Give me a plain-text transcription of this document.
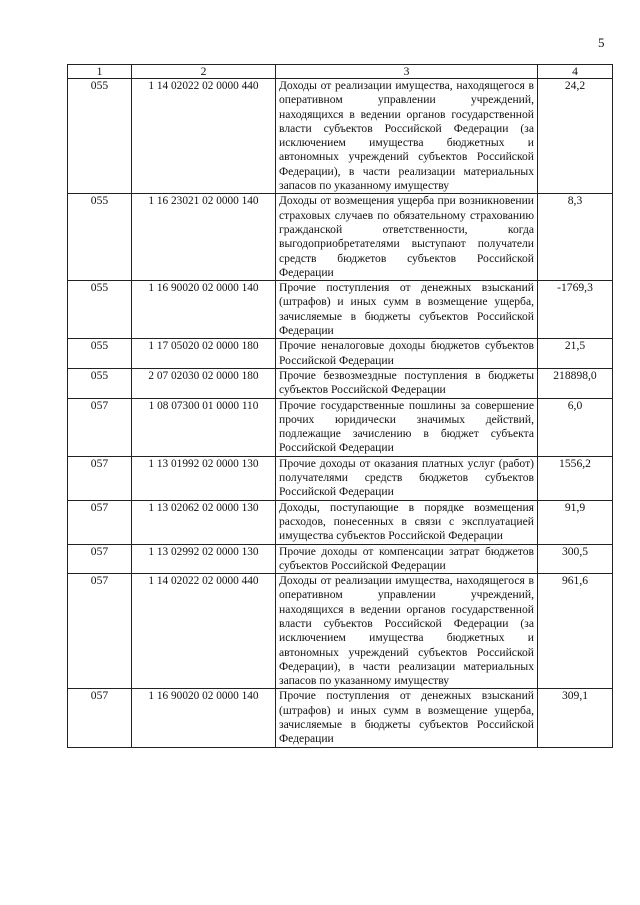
5
1	2	3	4
055	1 14 02022 02 0000 440	Доходы от реализации имущества, находящегося в оперативном управлении учреждений, находящихся в ведении органов государственной власти субъектов Российской Федерации (за исключением имущества бюджетных и автономных учреждений субъектов Российской Федерации), в части реализации материальных запасов по указанному имуществу	24,2
055	1 16 23021 02 0000 140	Доходы от возмещения ущерба при возникновении страховых случаев по обязательному страхованию гражданской ответственности, когда выгодоприобретателями выступают получатели средств бюджетов субъектов Российской Федерации	8,3
055	1 16 90020 02 0000 140	Прочие поступления от денежных взысканий (штрафов) и иных сумм в возмещение ущерба, зачисляемые в бюджеты субъектов Российской Федерации	-1769,3
055	1 17 05020 02 0000 180	Прочие неналоговые доходы бюджетов субъектов Российской Федерации	21,5
055	2 07 02030 02 0000 180	Прочие безвозмездные поступления в бюджеты субъектов Российской Федерации	218898,0
057	1 08 07300 01 0000 110	Прочие государственные пошлины за совершение прочих юридически значимых действий, подлежащие зачислению в бюджет субъекта Российской Федерации	6,0
057	1 13 01992 02 0000 130	Прочие доходы от оказания платных услуг (работ) получателями средств бюджетов субъектов Российской Федерации	1556,2
057	1 13 02062 02 0000 130	Доходы, поступающие в порядке возмещения расходов, понесенных в связи с эксплуатацией имущества субъектов Российской Федерации	91,9
057	1 13 02992 02 0000 130	Прочие доходы от компенсации затрат бюджетов субъектов Российской Федерации	300,5
057	1 14 02022 02 0000 440	Доходы от реализации имущества, находящегося в оперативном управлении учреждений, находящихся в ведении органов государственной власти субъектов Российской Федерации (за исключением имущества бюджетных и автономных учреждений субъектов Российской Федерации), в части реализации материальных запасов по указанному имуществу	961,6
057	1 16 90020 02 0000 140	Прочие поступления от денежных взысканий (штрафов) и иных сумм в возмещение ущерба, зачисляемые в бюджеты субъектов Российской Федерации	309,1
